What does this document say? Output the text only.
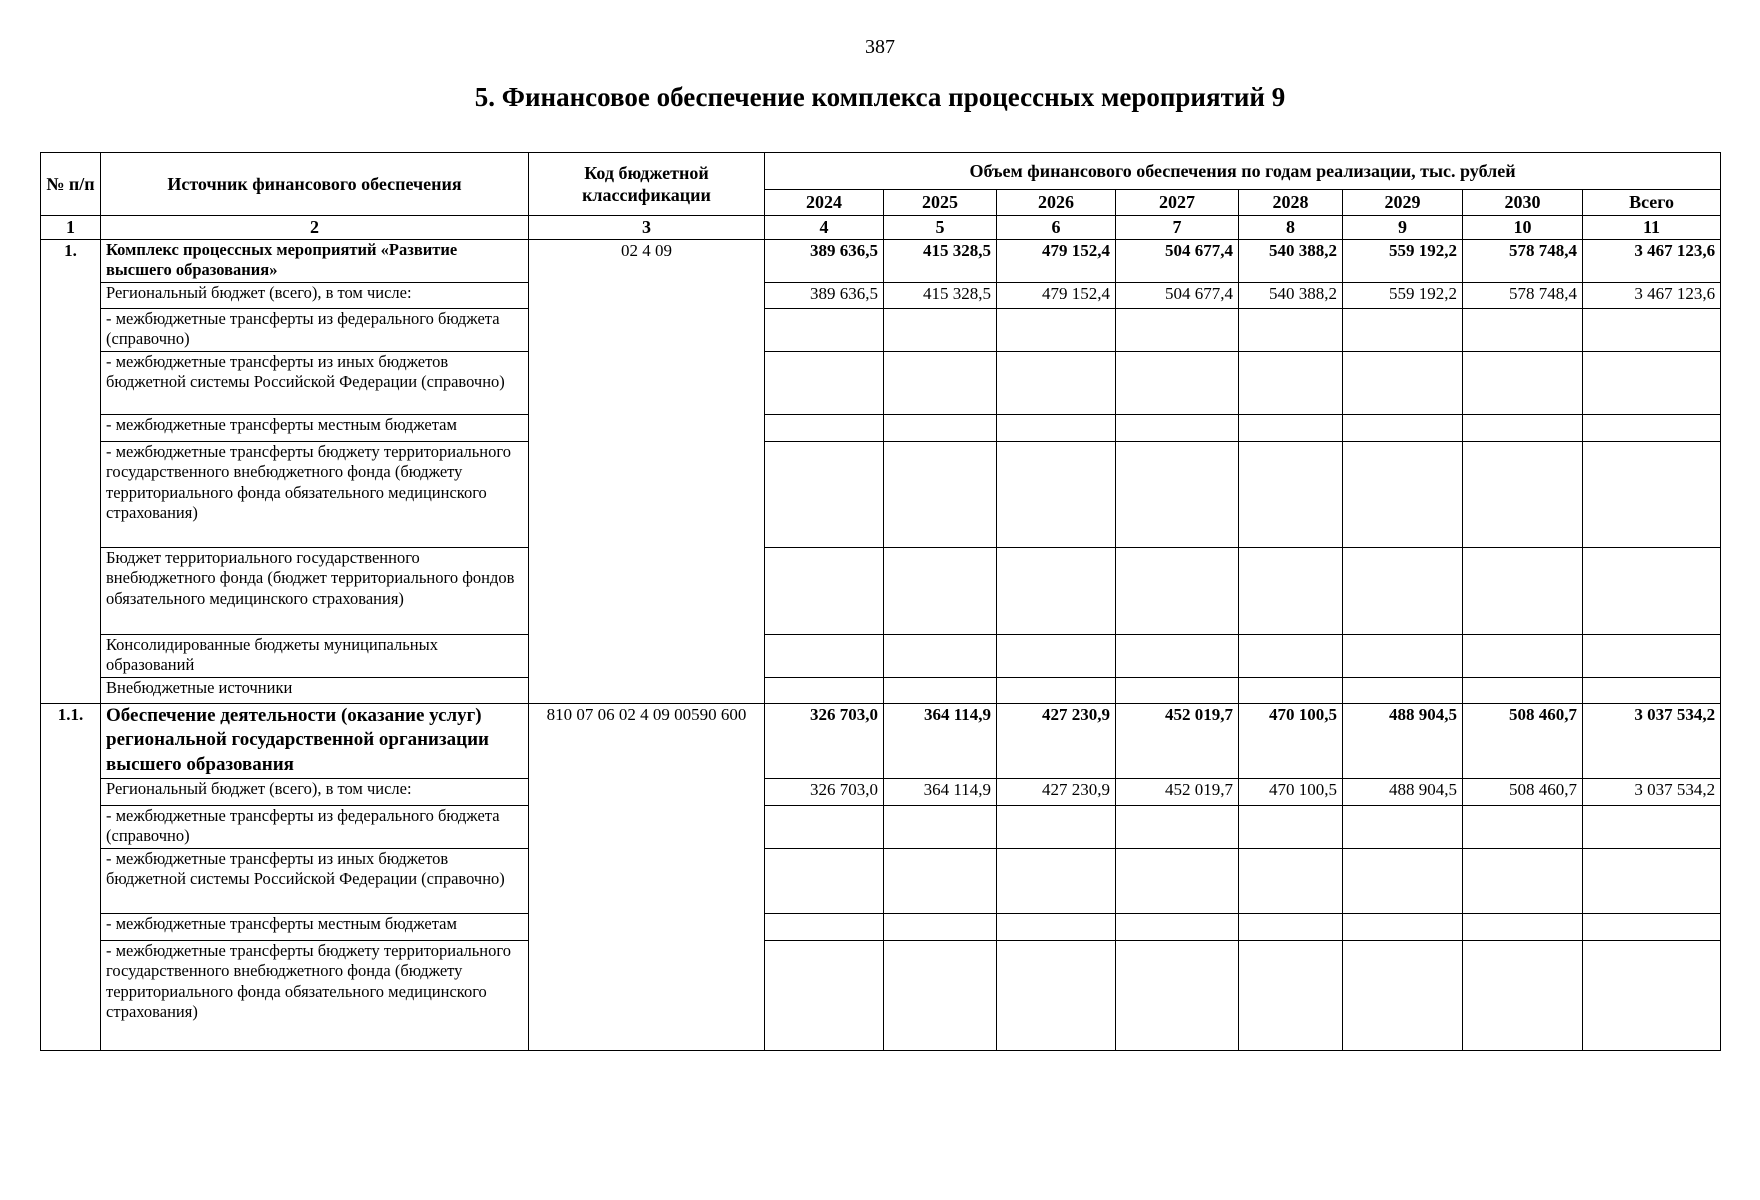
387
5. Финансовое обеспечение комплекса процессных мероприятий 9
№ п/п	Источник финансового обеспечения	Код бюджетной классификации	Объем финансового обеспечения по годам реализации, тыс. рублей							
			2024	2025	2026	2027	2028	2029	2030	Всего
1	2	3	4	5	6	7	8	9	10	11
1.	Комплекс процессных мероприятий «Развитие высшего образования»	02 4 09	389 636,5	415 328,5	479 152,4	504 677,4	540 388,2	559 192,2	578 748,4	3 467 123,6
	Региональный бюджет (всего), в том числе:		389 636,5	415 328,5	479 152,4	504 677,4	540 388,2	559 192,2	578 748,4	3 467 123,6
	- межбюджетные трансферты из федерального бюджета (справочно)									
	- межбюджетные трансферты из иных бюджетов бюджетной системы Российской Федерации (справочно)									
	- межбюджетные трансферты местным бюджетам									
	- межбюджетные трансферты бюджету территориального государственного внебюджетного фонда (бюджету территориального фонда обязательного медицинского страхования)									
	Бюджет территориального государственного внебюджетного фонда (бюджет территориального фондов обязательного медицинского страхования)									
	Консолидированные бюджеты муниципальных образований									
	Внебюджетные источники									
1.1.	Обеспечение деятельности (оказание услуг) региональной государственной организации высшего образования	810 07 06 02 4 09 00590 600	326 703,0	364 114,9	427 230,9	452 019,7	470 100,5	488 904,5	508 460,7	3 037 534,2
	Региональный бюджет (всего), в том числе:		326 703,0	364 114,9	427 230,9	452 019,7	470 100,5	488 904,5	508 460,7	3 037 534,2
	- межбюджетные трансферты из федерального бюджета (справочно)									
	- межбюджетные трансферты из иных бюджетов бюджетной системы Российской Федерации (справочно)									
	- межбюджетные трансферты местным бюджетам									
	- межбюджетные трансферты бюджету территориального государственного внебюджетного фонда (бюджету территориального фонда обязательного медицинского страхования)									
